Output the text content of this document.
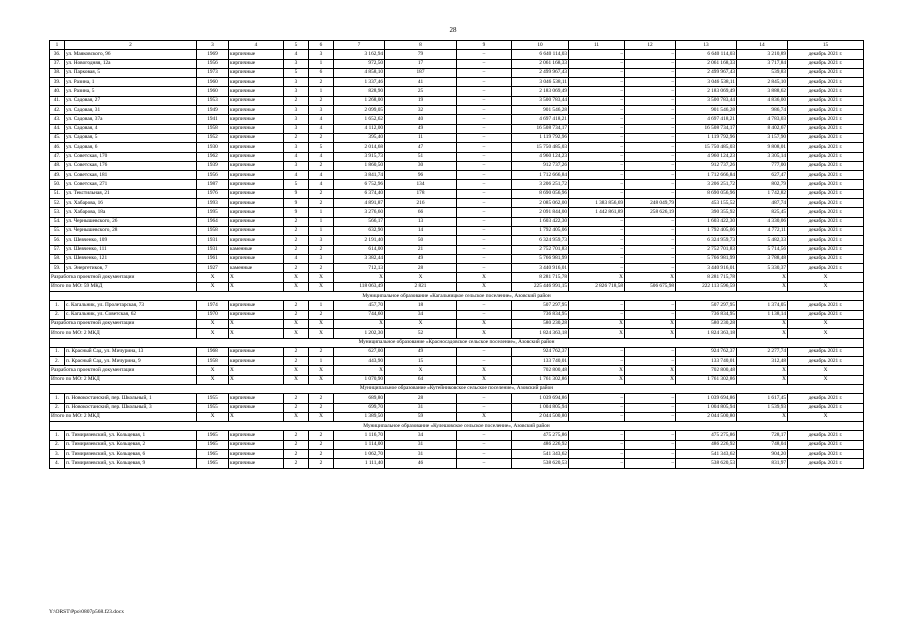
28
1	2	3	4	5	6	7	8	9	10	11	12	13	14	15
36.	ул. Маяковского, 96	1969	кирпичные	4	3	3 162,94	79	–	6 640 114,03	–	–	6 640 114,03	3 210,89	декабрь 2021 г.
37.	ул. Новогодняя, 12а	1956	кирпичные	3	1	972,50	17	–	2 061 168,33	–	–	2 061 168,33	3 717,84	декабрь 2021 г.
38.	ул. Парковая, 5	1973	кирпичные	5	6	4 858,10	187	–	2 499 967,43	–	–	2 499 967,43	539,83	декабрь 2021 г.
39.	ул. Разина, 1	1960	кирпичные	3	2	1 337,46	41	–	3 046 538,11	–	–	3 046 538,11	2 845,10	декабрь 2021 г.
40.	ул. Разина, 5	1960	кирпичные	3	1	828,90	25	–	2 183 069,49	–	–	2 183 069,49	3 888,62	декабрь 2021 г.
41.	ул. Садовая, 27	1953	кирпичные	2	2	1 268,00	19	–	3 500 783,44	–	–	3 500 783,44	4 836,00	декабрь 2021 г.
42.	ул. Садовая, 31	1949	кирпичные	3	3	2 099,05	32	–	901 546,28	–	–	901 546,28	986,74	декабрь 2021 г.
43.	ул. Садовая, 37а	1941	кирпичные	3	4	1 652,62	40	–	4 697 418,21	–	–	4 697 418,21	4 783,03	декабрь 2021 г.
44.	ул. Садовая, 4	1958	кирпичные	3	4	4 112,00	49	–	16 508 734,17	–	–	16 508 734,17	8 402,67	декабрь 2021 г.
45.	ул. Садовая, 5	1952	кирпичные	2	2	395,40	11	–	1 119 792,96	–	–	1 119 792,96	3 157,90	декабрь 2021 г.
46.	ул. Садовая, 6	1930	кирпичные	3	5	2 014,68	47	–	15 750 485,03	–	–	15 750 485,03	9 808,01	декабрь 2021 г.
47.	ул. Советская, 170	1962	кирпичные	4	4	3 915,73	51	–	4 960 124,23	–	–	4 960 124,23	3 305,14	декабрь 2021 г.
48.	ул. Советская, 176	1939	кирпичные	3	2	1 860,50	30	–	912 737,26	–	–	912 737,26	777,00	декабрь 2021 г.
49.	ул. Советская, 181	1956	кирпичные	4	4	3 841,74	96	–	1 712 666,84	–	–	1 712 666,84	627,47	декабрь 2021 г.
50.	ул. Советская, 271	1987	кирпичные	5	4	6 752,96	134	–	3 206 251,72	–	–	3 206 251,72	802,79	декабрь 2021 г.
51.	ул. Текстильная, 21	1976	кирпичные	9	2	6 374,40	178	–	8 690 056,96	–	–	8 690 056,96	1 742,82	декабрь 2021 г.
52.	ул. Хабарова, 16	1993	кирпичные	9	2	4 891,87	216	–	2 085 062,00	1 383 856,69	248 049,79	453 155,52	487,74	декабрь 2021 г.
53.	ул. Хабарова, 18а	1995	кирпичные	9	1	3 276,60	66	–	2 091 844,00	1 442 861,89	258 626,19	390 355,92	825,45	декабрь 2021 г.
54.	ул. Чернышевского, 26	1964	кирпичные	2	1	566,17	13	–	1 603 422,30	–	–	1 603 422,30	4 330,06	декабрь 2021 г.
55.	ул. Чернышевского, 28	1958	кирпичные	2	1	632,90	14	–	1 792 405,06	–	–	1 792 405,06	4 772,11	декабрь 2021 г.
56.	ул. Шевченко, 109	1931	кирпичные	2	3	2 191,40	50	–	6 324 959,73	–	–	6 324 959,73	5 482,33	декабрь 2021 г.
57.	ул. Шевченко, 111	1931	каменные	2	2	614,00	21	–	2 752 701,83	–	–	2 752 701,83	5 714,56	декабрь 2021 г.
58.	ул. Шевченко, 121	1961	кирпичные	4	3	3 382,44	49	–	5 766 981,99	–	–	5 766 981,99	3 788,48	декабрь 2021 г.
59.	ул. Энергетиков, 7	1927	каменные	2	2	712,13	28	–	3 440 916,01	–	–	3 440 916,01	5 330,37	декабрь 2021 г.
Разработка проектной документации		X	X	X	X	X	X	X	8 281 715,78	X	X	8 281 715,78	X	X
Итого по МО: 59 МКД		X	X	X	X	118 063,49	2 821	X	225 446 991,15	2 826 718,58	506 675,98	222 113 596,59	X	X
Муниципальное образование «Кагальницкое сельское поселение», Азовский район														
1.	с. Кагальник, ул. Пролетарская, 73	1974	кирпичные	2	1	457,70	18	–	507 297,95	–	–	507 297,95	1 374,05	декабрь 2021 г.
2.	с. Кагальник, ул. Советская, 62	1970	кирпичные	2	2	744,60	34	–	736 834,95	–	–	736 834,95	1 138,14	декабрь 2021 г.
Разработка проектной документации		X	X	X	X	X	X	X	580 230,28	X	X	580 230,28	X	X
Итого по МО: 2 МКД		X	X	X	X	1 202,30	52	X	1 824 363,18	X	X	1 824 363,18	X	X
Муниципальное образование «Красносадовское сельское поселение», Азовский район														
1.	п. Красный Сад, ул. Мичурина, 13	1968	кирпичные	2	2	627,00	49	–	924 762,37	–	–	924 762,37	2 277,74	декабрь 2021 г.
2.	п. Красный Сад, ул. Мичурина, 9	1958	кирпичные	2	1	443,90	15	–	133 740,01	–	–	133 740,01	312,48	декабрь 2021 г.
Разработка проектной документации		X	X	X	X	X	X	X	702 800,48	X	X	702 800,48	X	X
Итого по МО: 2 МКД		X	X	X	X	1 070,90	64	X	1 761 302,86	X	X	1 761 302,86	X	X
Муниципальное образование «Кутейниковское сельское поселение», Азовский район														
1.	п. Новокостанский, пер. Школьный, 1	1955	кирпичные	2	2	689,80	28	–	1 039 694,86	–	–	1 039 694,86	1 617,45	декабрь 2021 г.
2.	п. Новокостанский, пер. Школьный, 3	1955	кирпичные	2	2	699,70	31	–	1 004 805,94	–	–	1 004 805,94	1 539,93	декабрь 2021 г.
Итого по МО: 2 МКД		X	X	X	X	1 389,50	59	X	2 044 500,80	–	–	2 044 500,80	X	X
Муниципальное образование «Кулешовское сельское поселение», Азовский район														
1.	п. Тимирязевский, ул. Кольцевая, 1	1965	кирпичные	2	2	1 116,70	34	–	475 275,86	–	–	475 275,86	728,17	декабрь 2021 г.
2.	п. Тимирязевский, ул. Кольцевая, 2	1965	кирпичные	2	2	1 114,00	31	–	486 226,92	–	–	486 226,92	748,04	декабрь 2021 г.
3.	п. Тимирязевский, ул. Кольцевая, 6	1965	кирпичные	2	2	1 062,70	31	–	541 343,62	–	–	541 343,62	904,20	декабрь 2021 г.
4.	п. Тимирязевский, ул. Кольцевая, 9	1965	кирпичные	2	2	1 111,40	46	–	538 620,53	–	–	538 620,53	831,97	декабрь 2021 г.
Y:\ORST\Ppo\0807p568.f23.docx
